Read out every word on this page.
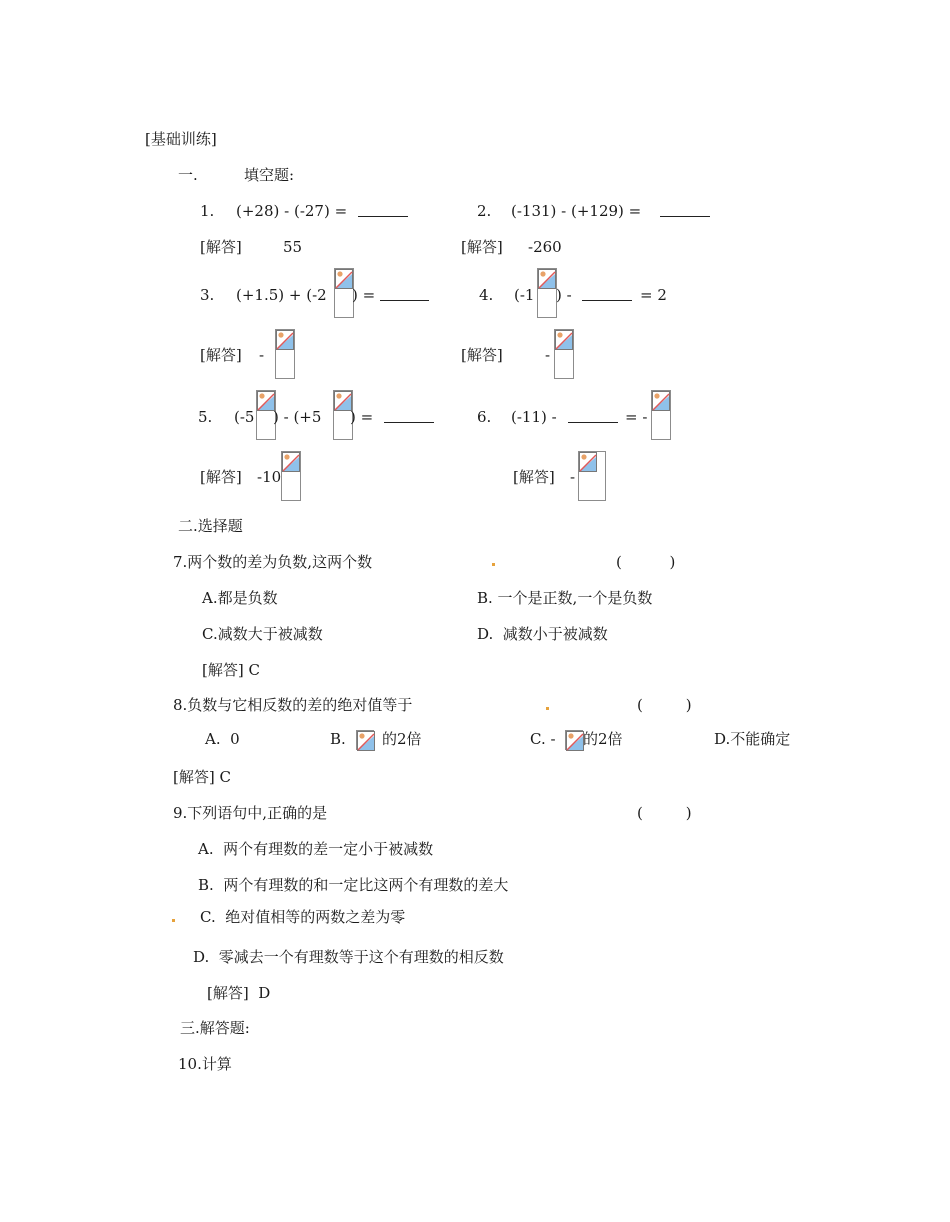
[基础训练]
一.	填空题:
1. (+28) - (-27) =	2. (-131) - (+129) =
[解答]	55	[解答] -260
3. (+1.5) + (-2 ) =	4. (-1 ) -	= 2
[解答] -	[解答]	-
5. (-5 ) - (+5 ) =	6. (-11) -	= -
[解答] -10	[解答] -
二.选择题
7.两个数的差为负数,这两个数	(          )
A.都是负数	B. 一个是正数,一个是负数
C.减数大于被减数	D.  减数小于被减数
[解答] C
8.负数与它相反数的差的绝对值等于	(         )
A.  0	B. 的2倍	C. - 的2倍	D.不能确定
[解答] C
9.下列语句中,正确的是	(         )
A.  两个有理数的差一定小于被减数
B.  两个有理数的和一定比这两个有理数的差大
C.  绝对值相等的两数之差为零
D.  零减去一个有理数等于这个有理数的相反数
[解答]  D
三.解答题:
10.计算
